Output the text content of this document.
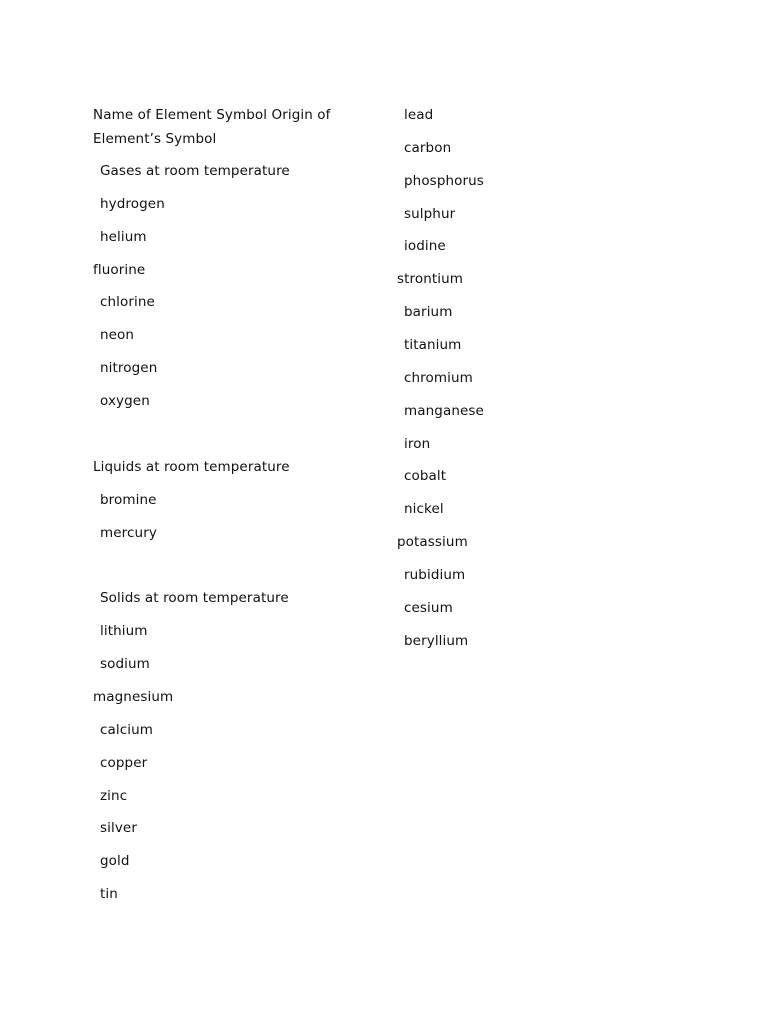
Name of Element Symbol Origin of Element’s Symbol
Gases at room temperature
hydrogen
helium
fluorine
chlorine
neon
nitrogen
oxygen
Liquids at room temperature
bromine
mercury
Solids at room temperature
lithium
sodium
magnesium
calcium
copper
zinc
silver
gold
tin
lead
carbon
phosphorus
sulphur
iodine
strontium
barium
titanium
chromium
manganese
iron
cobalt
nickel
potassium
rubidium
cesium
beryllium
